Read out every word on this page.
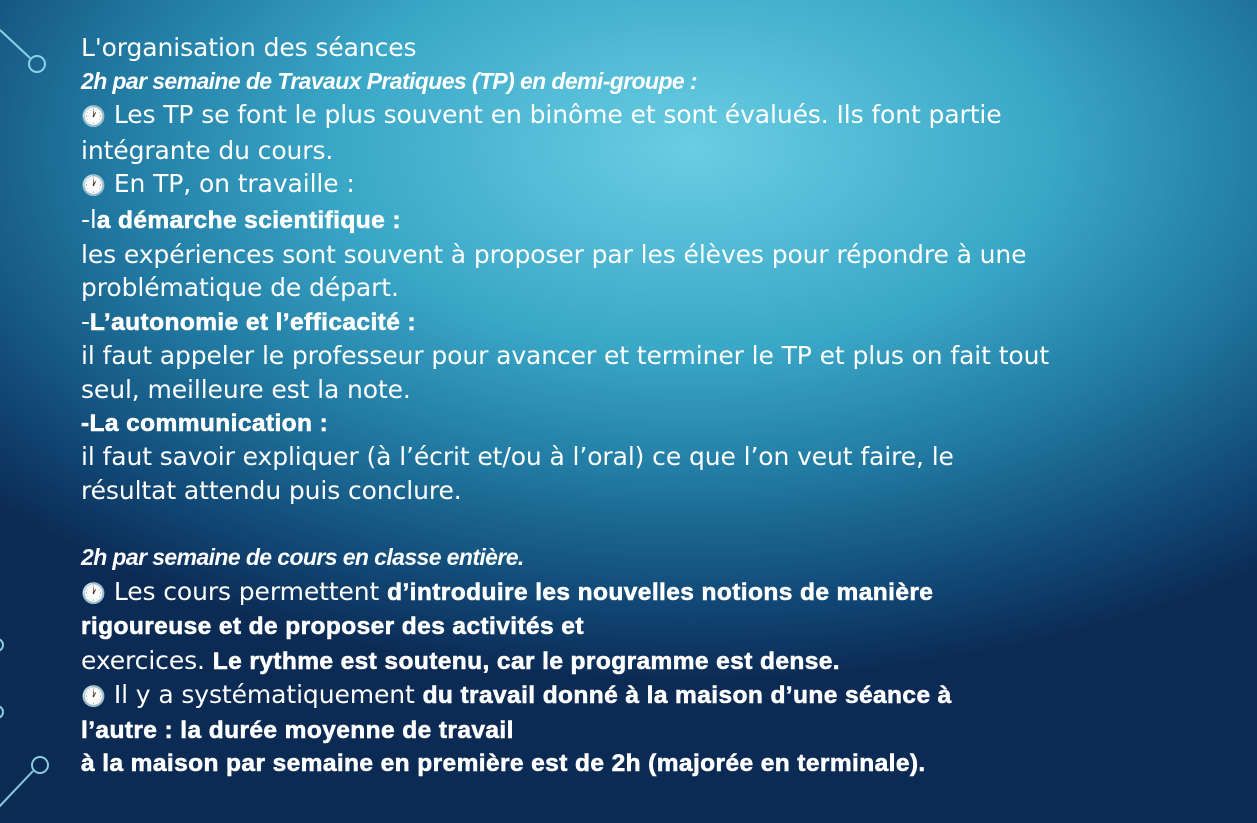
L'organisation des séances
2h par semaine de Travaux Pratiques (TP) en demi-groupe :
🕐 Les TP se font le plus souvent en binôme et sont évalués. Ils font partie
intégrante du cours.
🕐 En TP, on travaille :
-la démarche scientifique :
les expériences sont souvent à proposer par les élèves pour répondre à une
problématique de départ.
-L’autonomie et l’efficacité :
il faut appeler le professeur pour avancer et terminer le TP et plus on fait tout
seul, meilleure est la note.
-La communication :
il faut savoir expliquer (à l’écrit et/ou à l’oral) ce que l’on veut faire, le
résultat attendu puis conclure.
2h par semaine de cours en classe entière.
🕐 Les cours permettent d’introduire les nouvelles notions de manière
rigoureuse et de proposer des activités et
exercices. Le rythme est soutenu, car le programme est dense.
🕐 Il y a systématiquement du travail donné à la maison d’une séance à
l’autre : la durée moyenne de travail
à la maison par semaine en première est de 2h (majorée en terminale).
